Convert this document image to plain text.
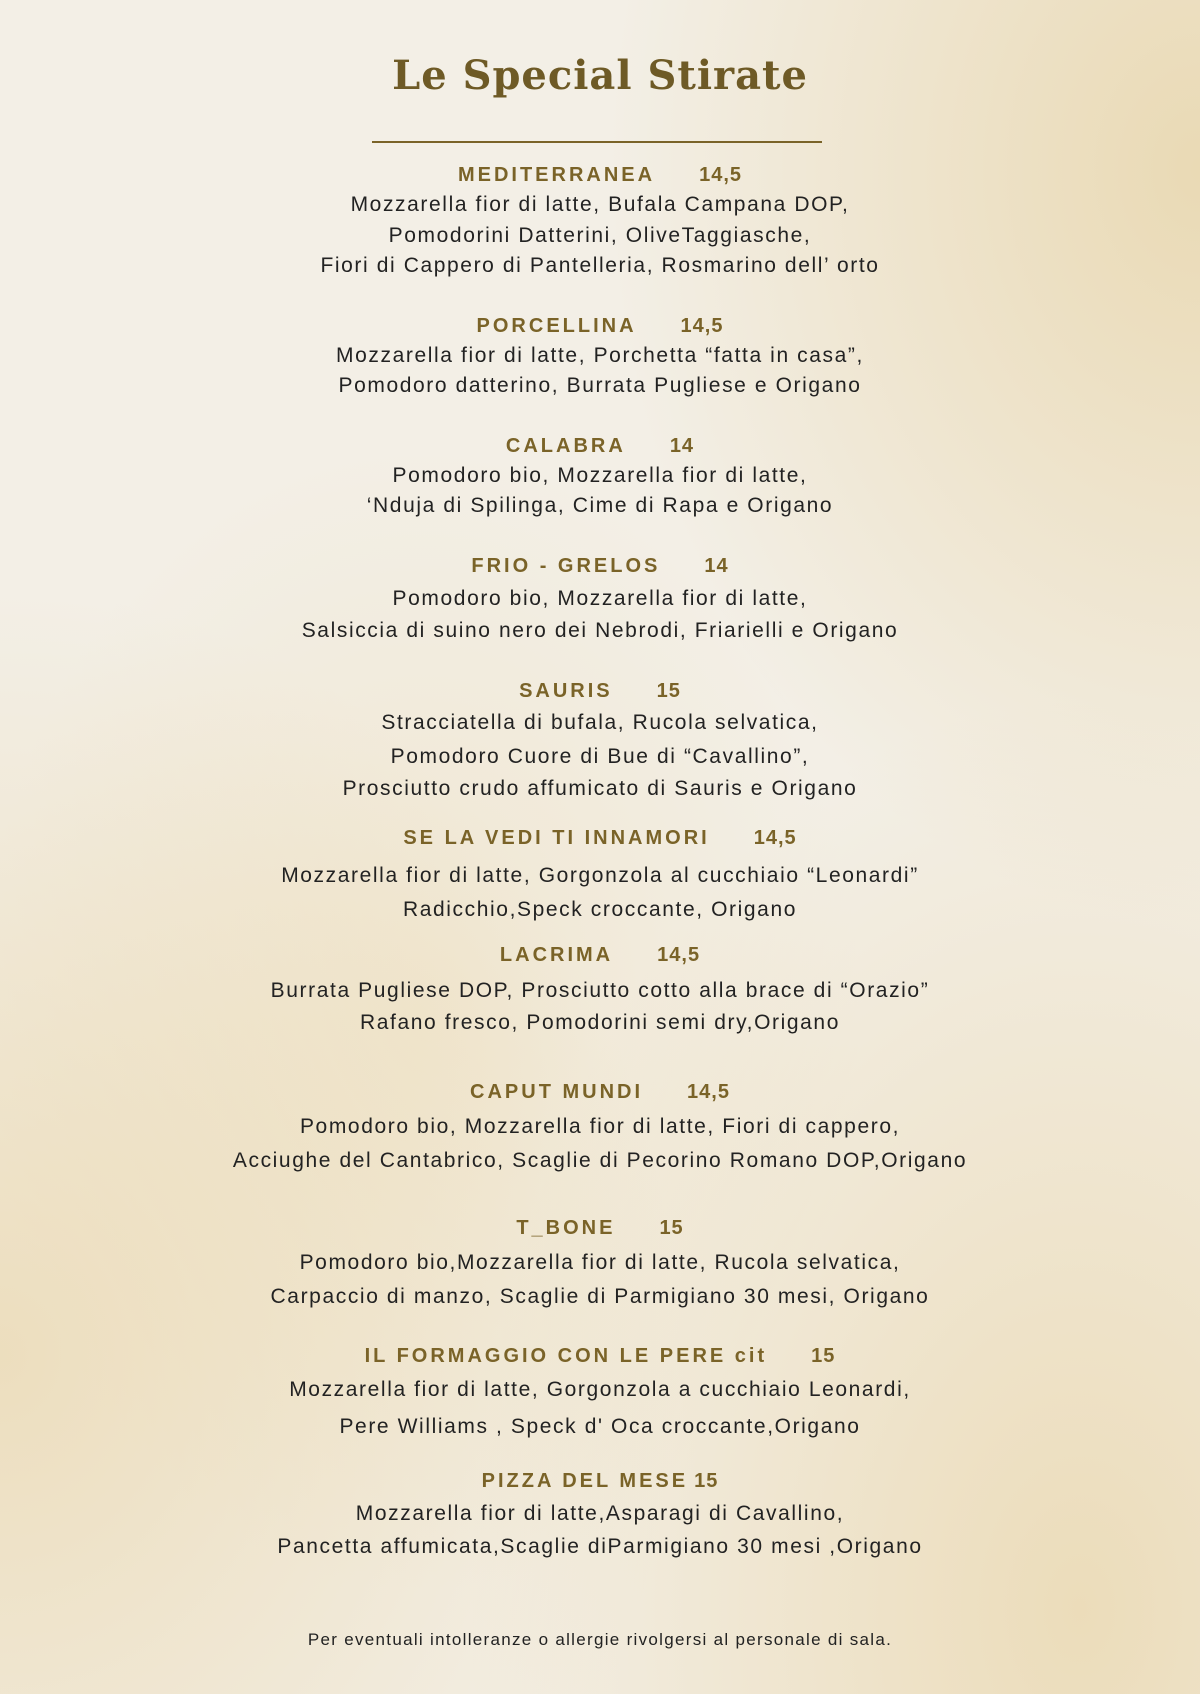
Le Special Stirate
MEDITERRANEA 14,5
Mozzarella fior di latte, Bufala Campana DOP,
Pomodorini Datterini, OliveTaggiasche,
Fiori di Cappero di Pantelleria, Rosmarino dell’ orto
PORCELLINA 14,5
Mozzarella fior di latte, Porchetta “fatta in casa”,
Pomodoro datterino, Burrata Pugliese e Origano
CALABRA 14
Pomodoro bio, Mozzarella fior di latte,
‘Nduja di Spilinga, Cime di Rapa e Origano
FRIO - GRELOS 14
Pomodoro bio, Mozzarella fior di latte,
Salsiccia di suino nero dei Nebrodi, Friarielli e Origano
SAURIS 15
Stracciatella di bufala, Rucola selvatica,
Pomodoro Cuore di Bue di “Cavallino”,
Prosciutto crudo affumicato di Sauris e Origano
SE LA VEDI TI INNAMORI 14,5
Mozzarella fior di latte, Gorgonzola al cucchiaio “Leonardi”
Radicchio,Speck croccante, Origano
LACRIMA 14,5
Burrata Pugliese DOP, Prosciutto cotto alla brace di “Orazio”
Rafano fresco, Pomodorini semi dry,Origano
CAPUT MUNDI 14,5
Pomodoro bio, Mozzarella fior di latte, Fiori di cappero,
Acciughe del Cantabrico, Scaglie di Pecorino Romano DOP,Origano
T_BONE 15
Pomodoro bio,Mozzarella fior di latte, Rucola selvatica,
Carpaccio di manzo, Scaglie di Parmigiano 30 mesi, Origano
IL FORMAGGIO CON LE PERE cit 15
Mozzarella fior di latte, Gorgonzola a cucchiaio Leonardi,
Pere Williams , Speck d' Oca croccante,Origano
PIZZA DEL MESE 15
Mozzarella fior di latte,Asparagi di Cavallino,
Pancetta affumicata,Scaglie diParmigiano 30 mesi ,Origano
Per eventuali intolleranze o allergie rivolgersi al personale di sala.
